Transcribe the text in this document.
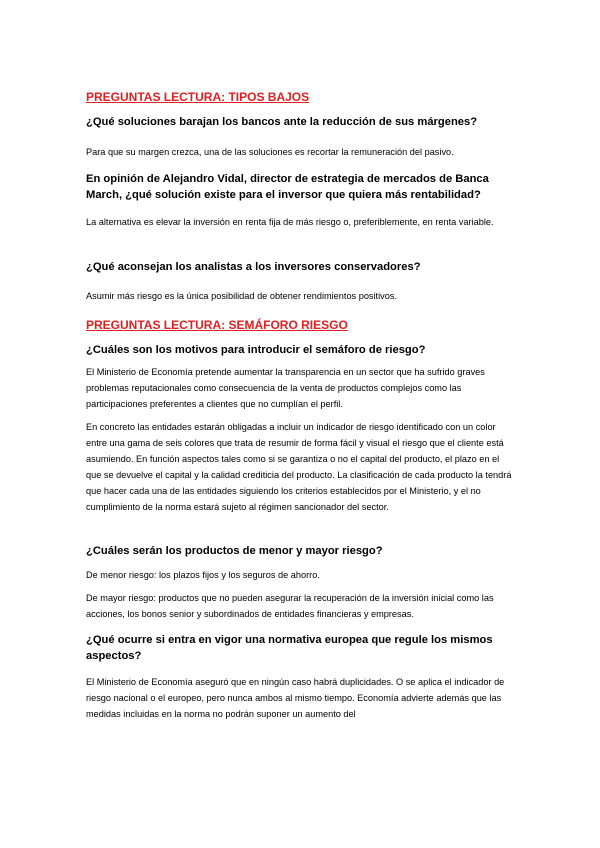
PREGUNTAS LECTURA: TIPOS BAJOS
¿Qué soluciones barajan los bancos ante la reducción de sus márgenes?

Para que su margen crezca, una de las soluciones es recortar la remuneración del pasivo.

En opinión de Alejandro Vidal, director de estrategia de mercados de Banca March, ¿qué solución existe para el inversor que quiera más rentabilidad?

La alternativa es elevar la inversión en renta fija de más riesgo o, preferiblemente, en renta variable.

¿Qué aconsejan los analistas a los inversores conservadores?

Asumir más riesgo es la única posibilidad de obtener rendimientos positivos.

PREGUNTAS LECTURA: SEMÁFORO RIESGO
¿Cuáles son los motivos para introducir el semáforo de riesgo?

El Ministerio de Economía pretende aumentar la transparencia en un sector que ha sufrido graves problemas reputacionales como consecuencia de la venta de productos complejos como las participaciones preferentes a clientes que no cumplían el perfil.

En concreto las entidades estarán obligadas a incluir un indicador de riesgo identificado con un color entre una gama de seis colores que trata de resumir de forma fácil y visual el riesgo que el cliente está asumiendo. En función aspectos tales como si se garantiza o no el capital del producto, el plazo en el que se devuelve el capital y la calidad crediticia del producto. La clasificación de cada producto la tendrá que hacer cada una de las entidades siguiendo los criterios establecidos por el Ministerio, y el no cumplimiento de la norma estará sujeto al régimen sancionador del sector.

¿Cuáles serán los productos de menor y mayor riesgo?

De menor riesgo: los plazos fijos y los seguros de ahorro.

De mayor riesgo: productos que no pueden asegurar la recuperación de la inversión inicial como las acciones, los bonos senior y subordinados de entidades financieras y empresas.

¿Qué ocurre si entra en vigor una normativa europea que regule los mismos aspectos?

El Ministerio de Economía aseguró que en ningún caso habrá duplicidades. O se aplica el indicador de riesgo nacional o el europeo, pero nunca ambos al mismo tiempo. Economía advierte además que las medidas incluidas en la norma no podrán suponer un aumento del
